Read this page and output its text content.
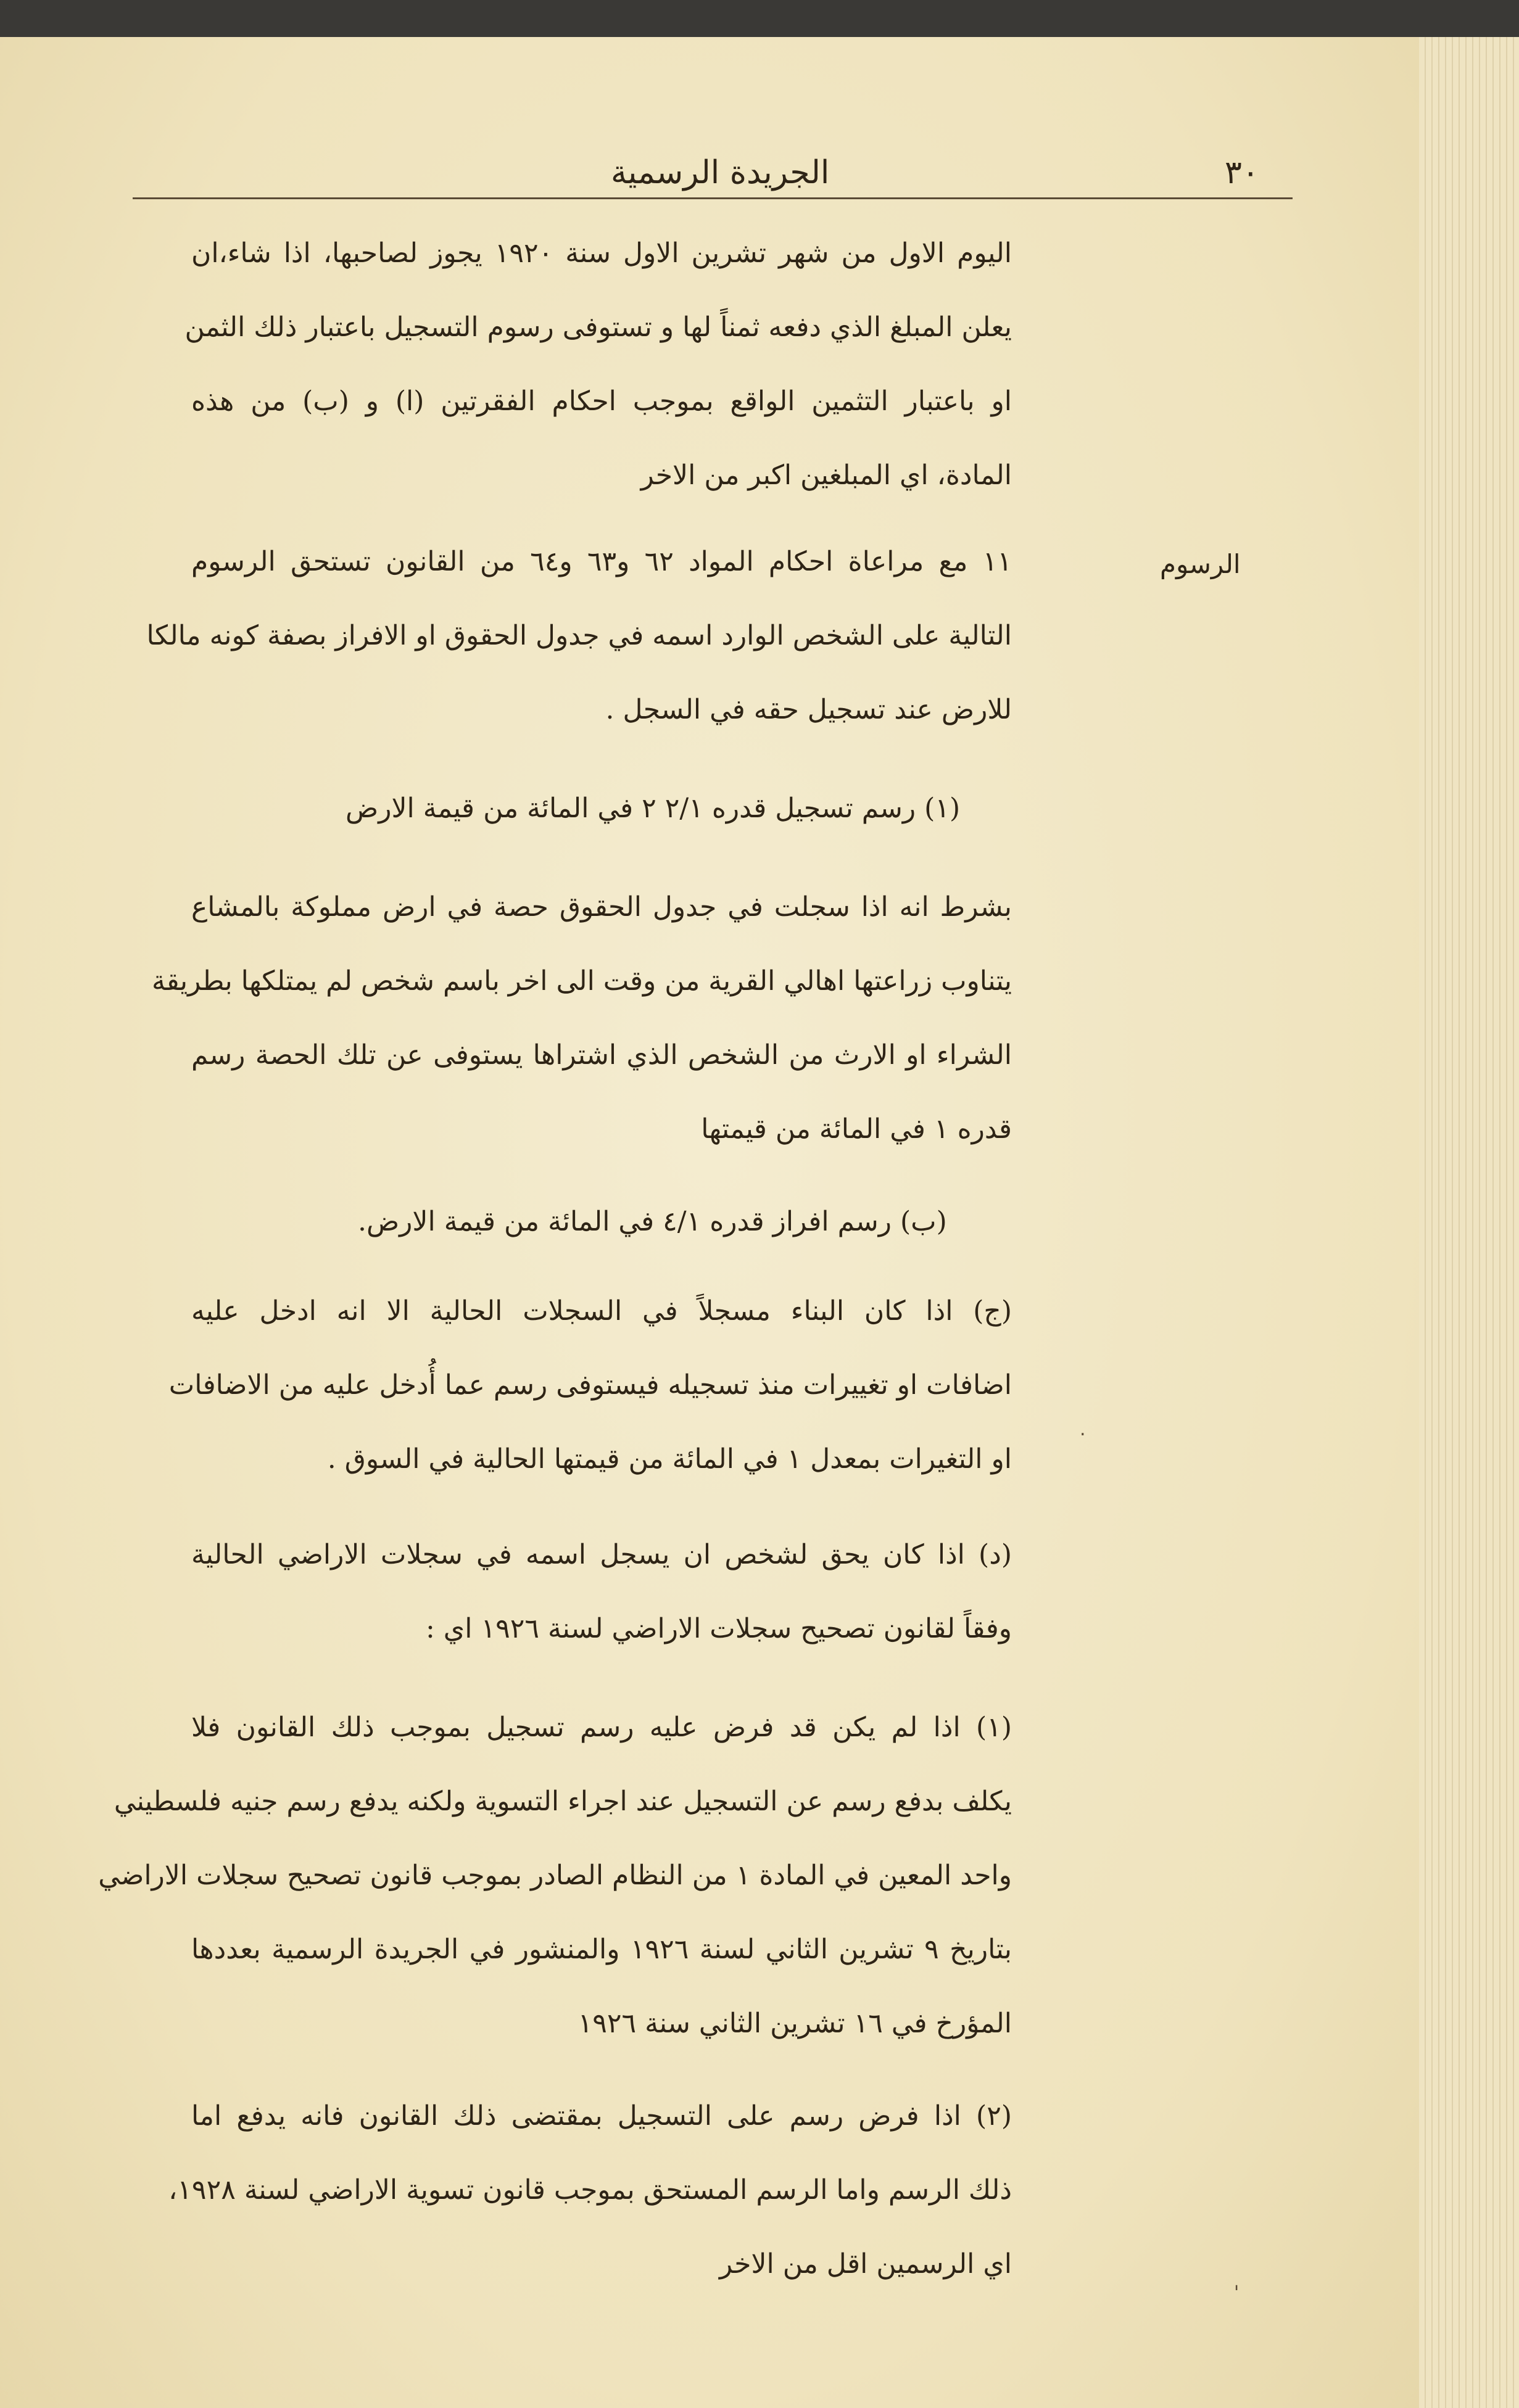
٣٠
الجريدة الرسمية
الرسوم
اليوم الاول من شهر تشرين الاول سنة ١٩٢٠ يجوز لصاحبها، اذا شاء،ان
يعلن المبلغ الذي دفعه ثمناً لها و تستوفى رسوم التسجيل باعتبار ذلك الثمن
او باعتبار التثمين الواقع بموجب احكام الفقرتين (ا) و (ب) من هذه
المادة، اي المبلغين اكبر من الاخر
١١ مع مراعاة احكام المواد ٦٢ و٦٣ و٦٤ من القانون تستحق الرسوم
التالية على الشخص الوارد اسمه في جدول الحقوق او الافراز بصفة كونه مالكا
للارض عند تسجيل حقه في السجل .
(١) رسم تسجيل قدره ٢/١ ٢ في المائة من قيمة الارض
بشرط انه اذا سجلت في جدول الحقوق حصة في ارض مملوكة بالمشاع
يتناوب زراعتها اهالي القرية من وقت الى اخر باسم شخص لم يمتلكها بطريقة
الشراء او الارث من الشخص الذي اشتراها يستوفى عن تلك الحصة رسم
قدره ١ في المائة من قيمتها
(ب) رسم افراز قدره ٤/١ في المائة من قيمة الارض.
(ج) اذا كان البناء مسجلاً في السجلات الحالية الا انه ادخل عليه
اضافات او تغييرات منذ تسجيله فيستوفى رسم عما أُدخل عليه من الاضافات
او التغيرات بمعدل ١ في المائة من قيمتها الحالية في السوق .
(د) اذا كان يحق لشخص ان يسجل اسمه في سجلات الاراضي الحالية
وفقاً لقانون تصحيح سجلات الاراضي لسنة ١٩٢٦ اي :
(١) اذا لم يكن قد فرض عليه رسم تسجيل بموجب ذلك القانون فلا
يكلف بدفع رسم عن التسجيل عند اجراء التسوية ولكنه يدفع رسم جنيه فلسطيني
واحد المعين في المادة ١ من النظام الصادر بموجب قانون تصحيح سجلات الاراضي
بتاريخ ٩ تشرين الثاني لسنة ١٩٢٦ والمنشور في الجريدة الرسمية بعددها
المؤرخ في ١٦ تشرين الثاني سنة ١٩٢٦
(٢) اذا فرض رسم على التسجيل بمقتضى ذلك القانون فانه يدفع اما
ذلك الرسم واما الرسم المستحق بموجب قانون تسوية الاراضي لسنة ١٩٢٨،
اي الرسمين اقل من الاخر
.
'
